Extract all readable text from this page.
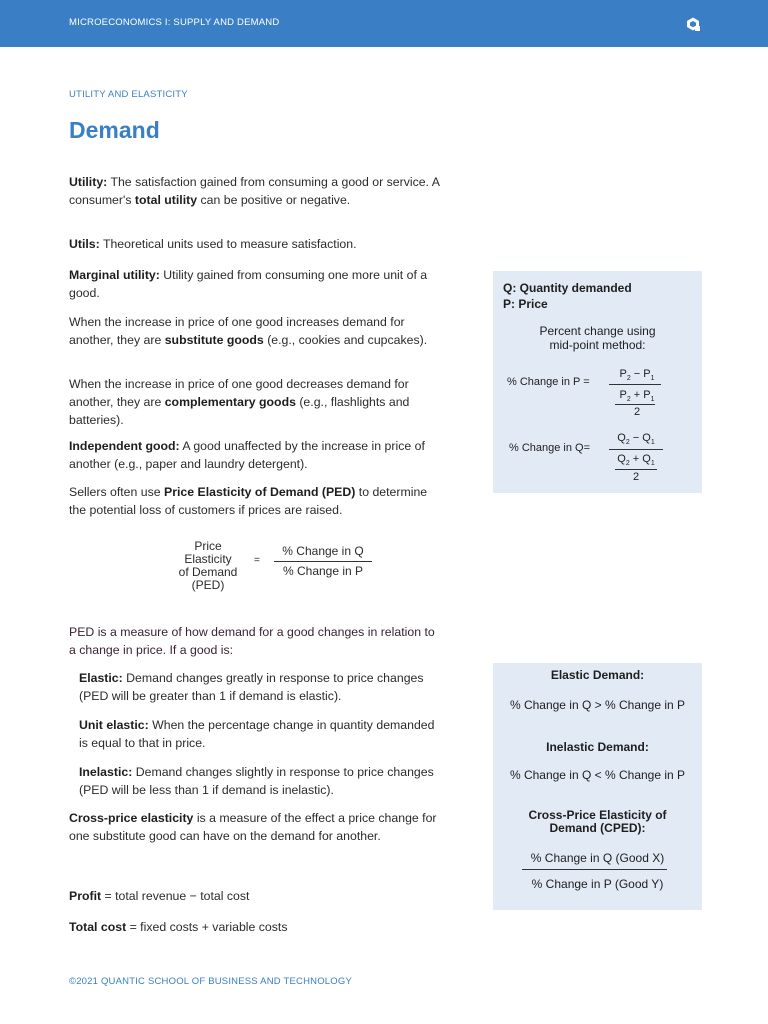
MICROECONOMICS I: SUPPLY AND DEMAND
UTILITY AND ELASTICITY
Demand

Utility: The satisfaction gained from consuming a good or service. A consumer's total utility can be positive or negative.

Utils: Theoretical units used to measure satisfaction.

Marginal utility: Utility gained from consuming one more unit of a good.

When the increase in price of one good increases demand for another, they are substitute goods (e.g., cookies and cupcakes).

When the increase in price of one good decreases demand for another, they are complementary goods (e.g., flashlights and batteries).

Independent good: A good unaffected by the increase in price of another (e.g., paper and laundry detergent).

Sellers often use Price Elasticity of Demand (PED) to determine the potential loss of customers if prices are raised.

Price
Elasticity
of Demand
(PED)
=
% Change in Q
% Change in P

PED is a measure of how demand for a good changes in relation to a change in price. If a good is:

Elastic: Demand changes greatly in response to price changes (PED will be greater than 1 if demand is elastic).

Unit elastic: When the percentage change in quantity demanded is equal to that in price.

Inelastic: Demand changes slightly in response to price changes (PED will be less than 1 if demand is inelastic).

Cross-price elasticity is a measure of the effect a price change for one substitute good can have on the demand for another.

Profit = total revenue − total cost

Total cost = fixed costs + variable costs

Q: Quantity demanded
P: Price
Percent change using
mid-point method:
% Change in P =
$P_2 - P_1$
$P_2 + P_1$
2
% Change in Q=
$Q_2 - Q_1$
$Q_2 + Q_1$
2
Elastic Demand:
% Change in Q > % Change in P
Inelastic Demand:
% Change in Q < % Change in P
Cross-Price Elasticity of
Demand (CPED):
% Change in Q (Good X)
% Change in P (Good Y)
©2021 QUANTIC SCHOOL OF BUSINESS AND TECHNOLOGY
